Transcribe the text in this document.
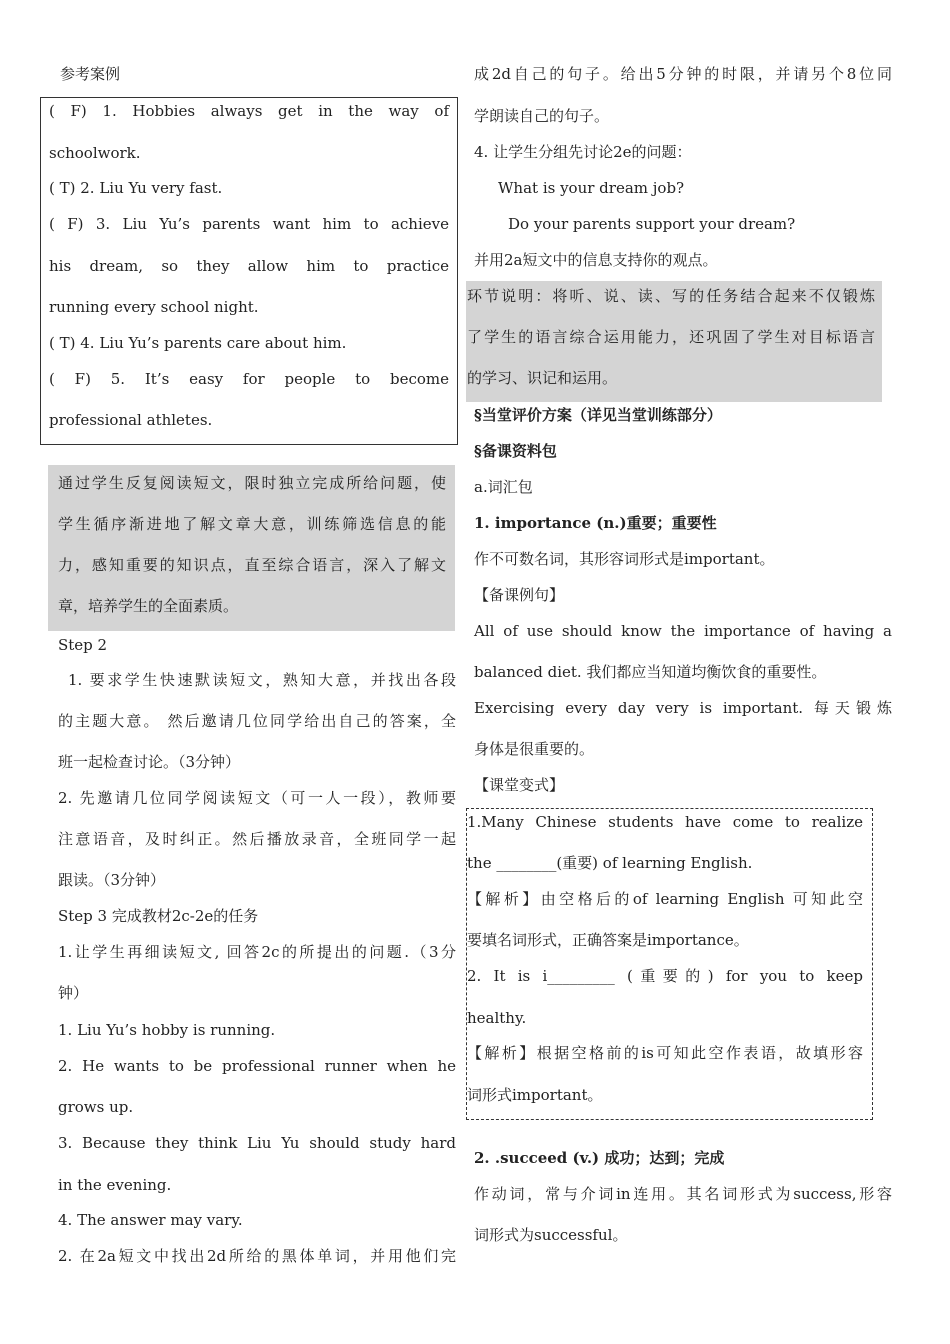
参考案例
( F) 1. Hobbies always get in the way of
schoolwork.
( T) 2. Liu Yu very fast.
( F) 3. Liu Yu’s parents want him to achieve
his dream, so they allow him to practice
running every school night.
( T) 4. Liu Yu’s parents care about him.
( F) 5. It’s easy for people to become
professional athletes.
通过学生反复阅读短文，限时独立完成所给问题，使
学生循序渐进地了解文章大意，训练筛选信息的能
力，感知重要的知识点，直至综合语言，深入了解文
章，培养学生的全面素质。
Step 2
1. 要求学生快速默读短文，熟知大意，并找出各段
的主题大意。 然后邀请几位同学给出自己的答案，全
班一起检查讨论。（3分钟）
2. 先邀请几位同学阅读短文（可一人一段），教师要
注意语音，及时纠正。然后播放录音，全班同学一起
跟读。（3分钟）
Step 3 完成教材2c-2e的任务
1.让学生再细读短文, 回答2c的所提出的问题.（3分
钟）
1. Liu Yu’s hobby is running.
2. He wants to be professional runner when he
grows up.
3. Because they think Liu Yu should study hard
in the evening.
4. The answer may vary.
2. 在2a短文中找出2d所给的黑体单词，并用他们完
成2d自己的句子。给出5分钟的时限，并请另个8位同
学朗读自己的句子。
4. 让学生分组先讨论2e的问题：
What is your dream job?
Do your parents support your dream?
并用2a短文中的信息支持你的观点。
环节说明：将听、说、读、写的任务结合起来不仅锻炼
了学生的语言综合运用能力，还巩固了学生对目标语言
的学习、识记和运用。
§当堂评价方案（详见当堂训练部分）
§备课资料包
a.词汇包
1. importance (n.)重要；重要性
作不可数名词，其形容词形式是important。
【备课例句】
All of use should know the importance of having a
balanced diet. 我们都应当知道均衡饮食的重要性。
Exercising every day very is important. 每天锻炼
身体是很重要的。
【课堂变式】
1.Many Chinese students have come to realize
the ________(重要) of learning English.
【解析】由空格后的of learning English 可知此空
要填名词形式，正确答案是importance。
2. It is i_________ (重要的) for you to keep
healthy.
【解析】根据空格前的is可知此空作表语，故填形容
词形式important。
2. .succeed (v.) 成功；达到；完成
作动词，常与介词in连用。其名词形式为success,形容
词形式为successful。
